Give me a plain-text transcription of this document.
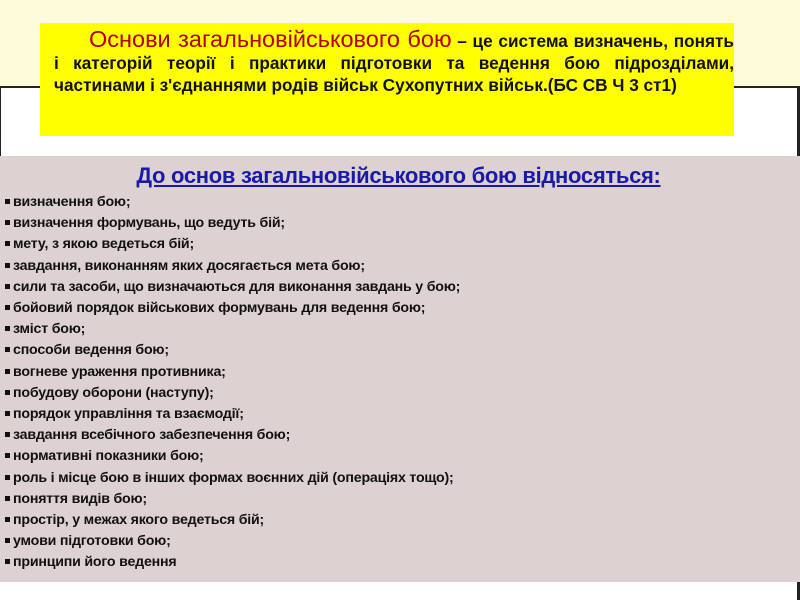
Основи загальновійськового бою – це система визначень, понять і категорій теорії і практики підготовки та ведення бою підрозділами, частинами і з'єднаннями родів військ Сухопутних військ.(БС СВ Ч 3 ст1)

До основ загальновійськового бою відносяться:
визначення бою;
визначення формувань, що ведуть бій;
мету, з якою ведеться бій;
завдання, виконанням яких досягається мета бою;
сили та засоби, що визначаються для виконання завдань у бою;
бойовий порядок військових формувань для ведення бою;
зміст бою;
способи ведення бою;
вогневе ураження противника;
побудову оборони (наступу);
порядок управління та взаємодії;
завдання всебічного забезпечення бою;
нормативні показники бою;
роль і місце бою в інших формах воєнних дій (операціях тощо);
поняття видів бою;
простір, у межах якого ведеться бій;
умови підготовки бою;
принципи його ведення
